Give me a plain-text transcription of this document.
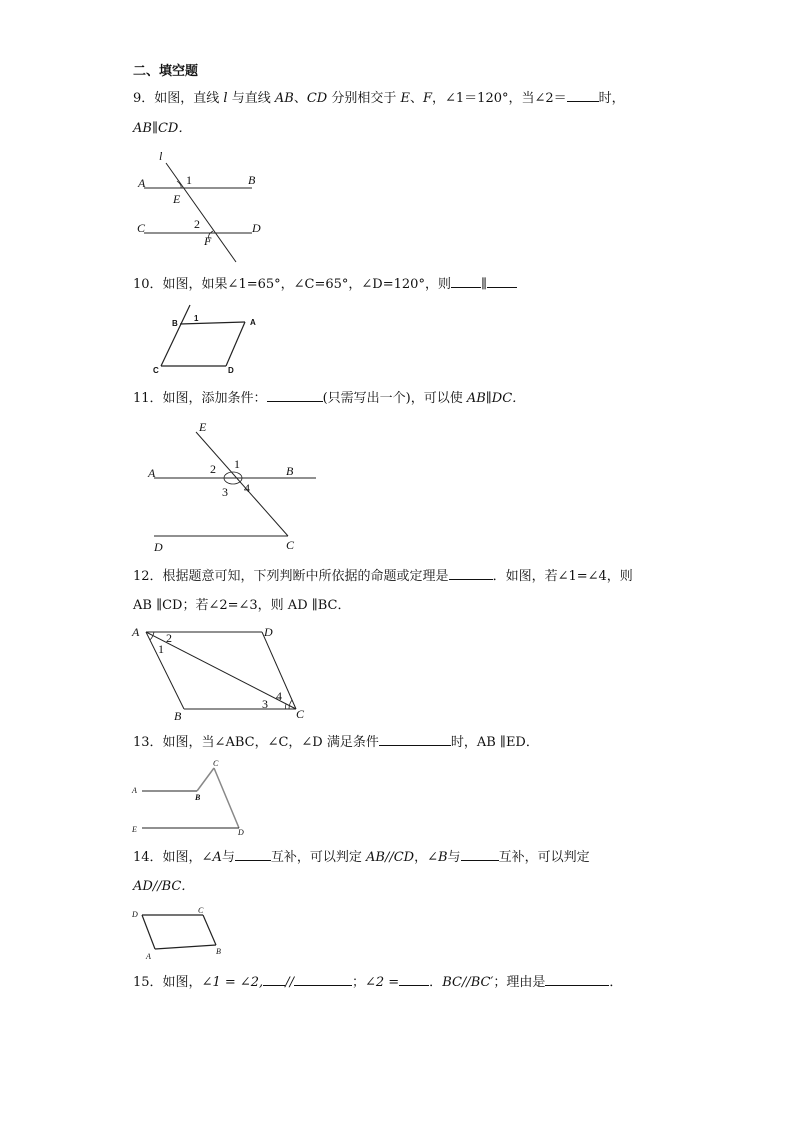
二、填空题
9．如图，直线 l 与直线 AB、CD 分别相交于 E、F，∠1＝120°，当∠2＝ 时，
AB∥CD．
l
A	1	B
E
C	2	D
F
10．如图，如果∠1=65°，∠C=65°，∠D=120°，则 ∥
B
1	A
C	D
11．如图，添加条件：	(只需写出一个)，可以使 AB∥DC．
E
A	2 1	B
3 4
D	C
12．根据题意可知，下列判断中所依据的命题或定理是	．如图，若∠1=∠4，则
AB ∥CD；若∠2=∠3，则 AD ∥BC．
A 2
1
D
4
3
B	C
13．如图，当∠ABC，∠C，∠D 满足条件	时，AB ∥ED．
A
B
C
E	D
14．如图，∠A与	互补，可以判定 AB//CD，∠B与	互补，可以判定
AD//BC．
D	C
B
A
15．如图，∠1 = ∠2, //	；∠2 = ．BC//BC′；理由是	．
